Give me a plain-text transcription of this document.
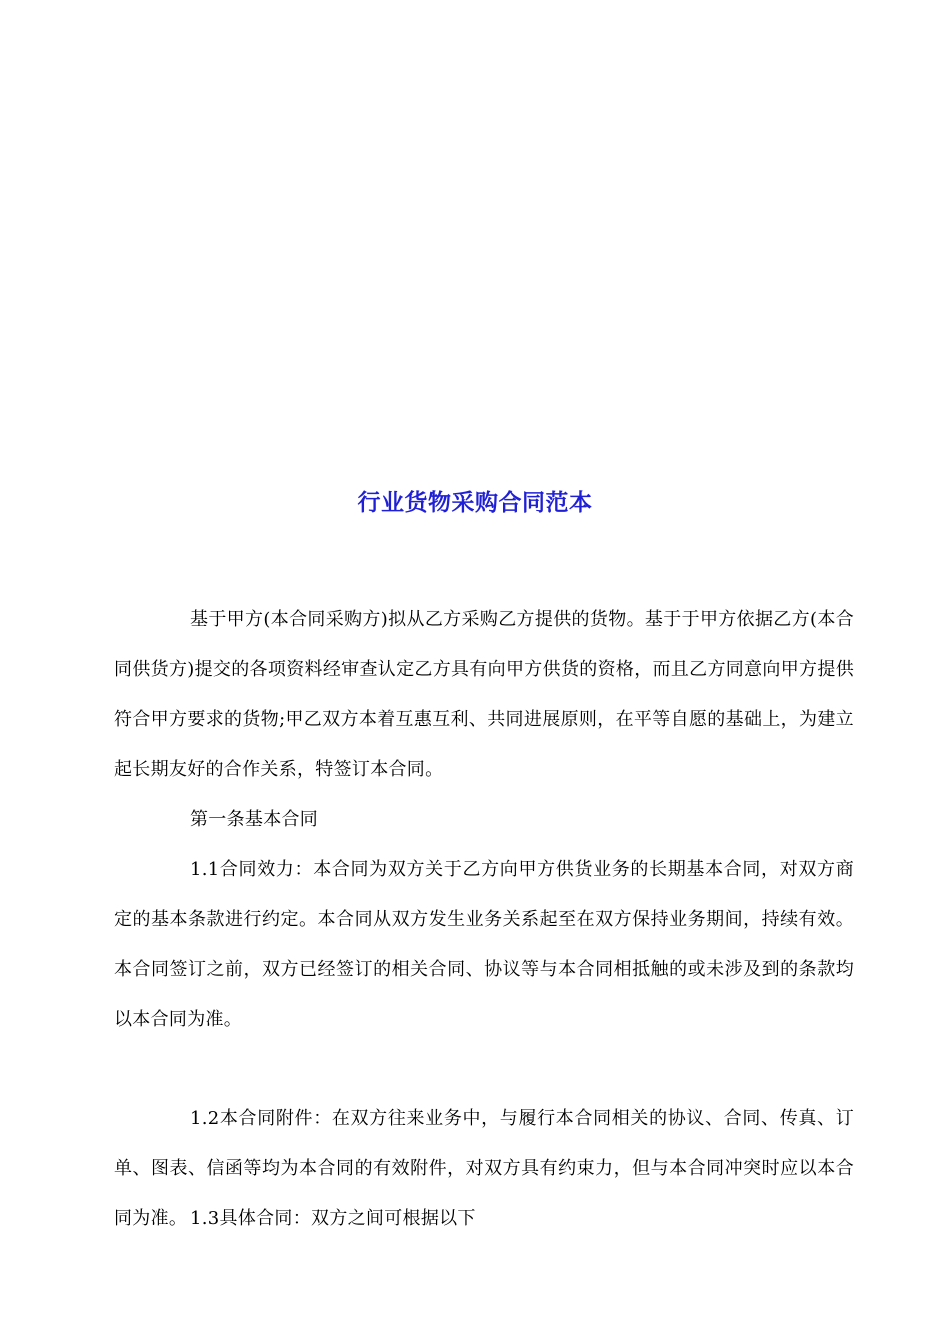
行业货物采购合同范本

基于甲方(本合同采购方)拟从乙方采购乙方提供的货物。基于于甲方依据乙方(本合同供货方)提交的各项资料经审查认定乙方具有向甲方供货的资格，而且乙方同意向甲方提供符合甲方要求的货物;甲乙双方本着互惠互利、共同进展原则，在平等自愿的基础上，为建立起长期友好的合作关系，特签订本合同。

第一条基本合同

1.1合同效力：本合同为双方关于乙方向甲方供货业务的长期基本合同，对双方商定的基本条款进行约定。本合同从双方发生业务关系起至在双方保持业务期间，持续有效。本合同签订之前，双方已经签订的相关合同、协议等与本合同相抵触的或未涉及到的条款均以本合同为准。

1.2本合同附件：在双方往来业务中，与履行本合同相关的协议、合同、传真、订单、图表、信函等均为本合同的有效附件，对双方具有约束力，但与本合同冲突时应以本合同为准。 1.3具体合同：双方之间可根据以下
